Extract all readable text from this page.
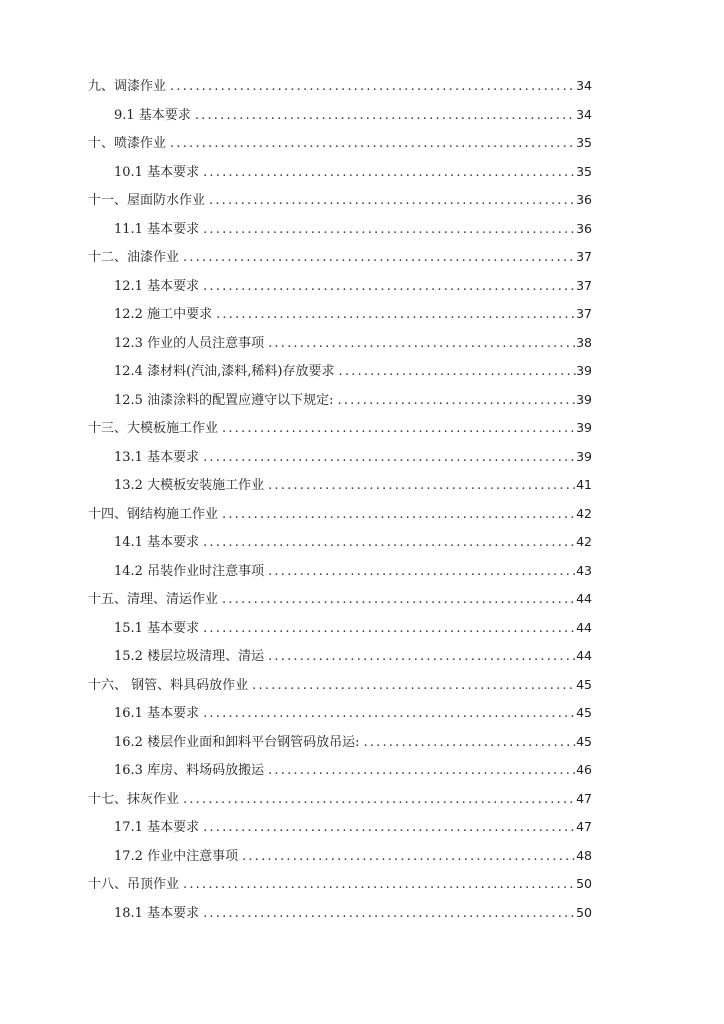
九、调漆作业 .....	34
9.1 基本要求 .....	34
十、喷漆作业 .....	35
10.1 基本要求 .....	35
十一、屋面防水作业 .....	36
11.1 基本要求 .....	36
十二、油漆作业 .....	37
12.1 基本要求 .....	37
12.2 施工中要求 .....	37
12.3 作业的人员注意事项 .....	38
12.4 漆材料(汽油,漆料,稀料)存放要求 .....	39
12.5 油漆涂料的配置应遵守以下规定: .....	39
十三、大模板施工作业 .....	39
13.1 基本要求 .....	39
13.2 大模板安装施工作业 .....	41
十四、钢结构施工作业 .....	42
14.1 基本要求 .....	42
14.2 吊装作业时注意事项 .....	43
十五、清理、清运作业 .....	44
15.1 基本要求 .....	44
15.2 楼层垃圾清理、清运 .....	44
十六、 钢管、料具码放作业 .....	45
16.1 基本要求 .....	45
16.2 楼层作业面和卸料平台钢管码放吊运: .....	45
16.3 库房、料场码放搬运 .....	46
十七、抹灰作业 .....	47
17.1 基本要求 .....	47
17.2 作业中注意事项 .....	48
十八、吊顶作业 .....	50
18.1 基本要求 .....	50
